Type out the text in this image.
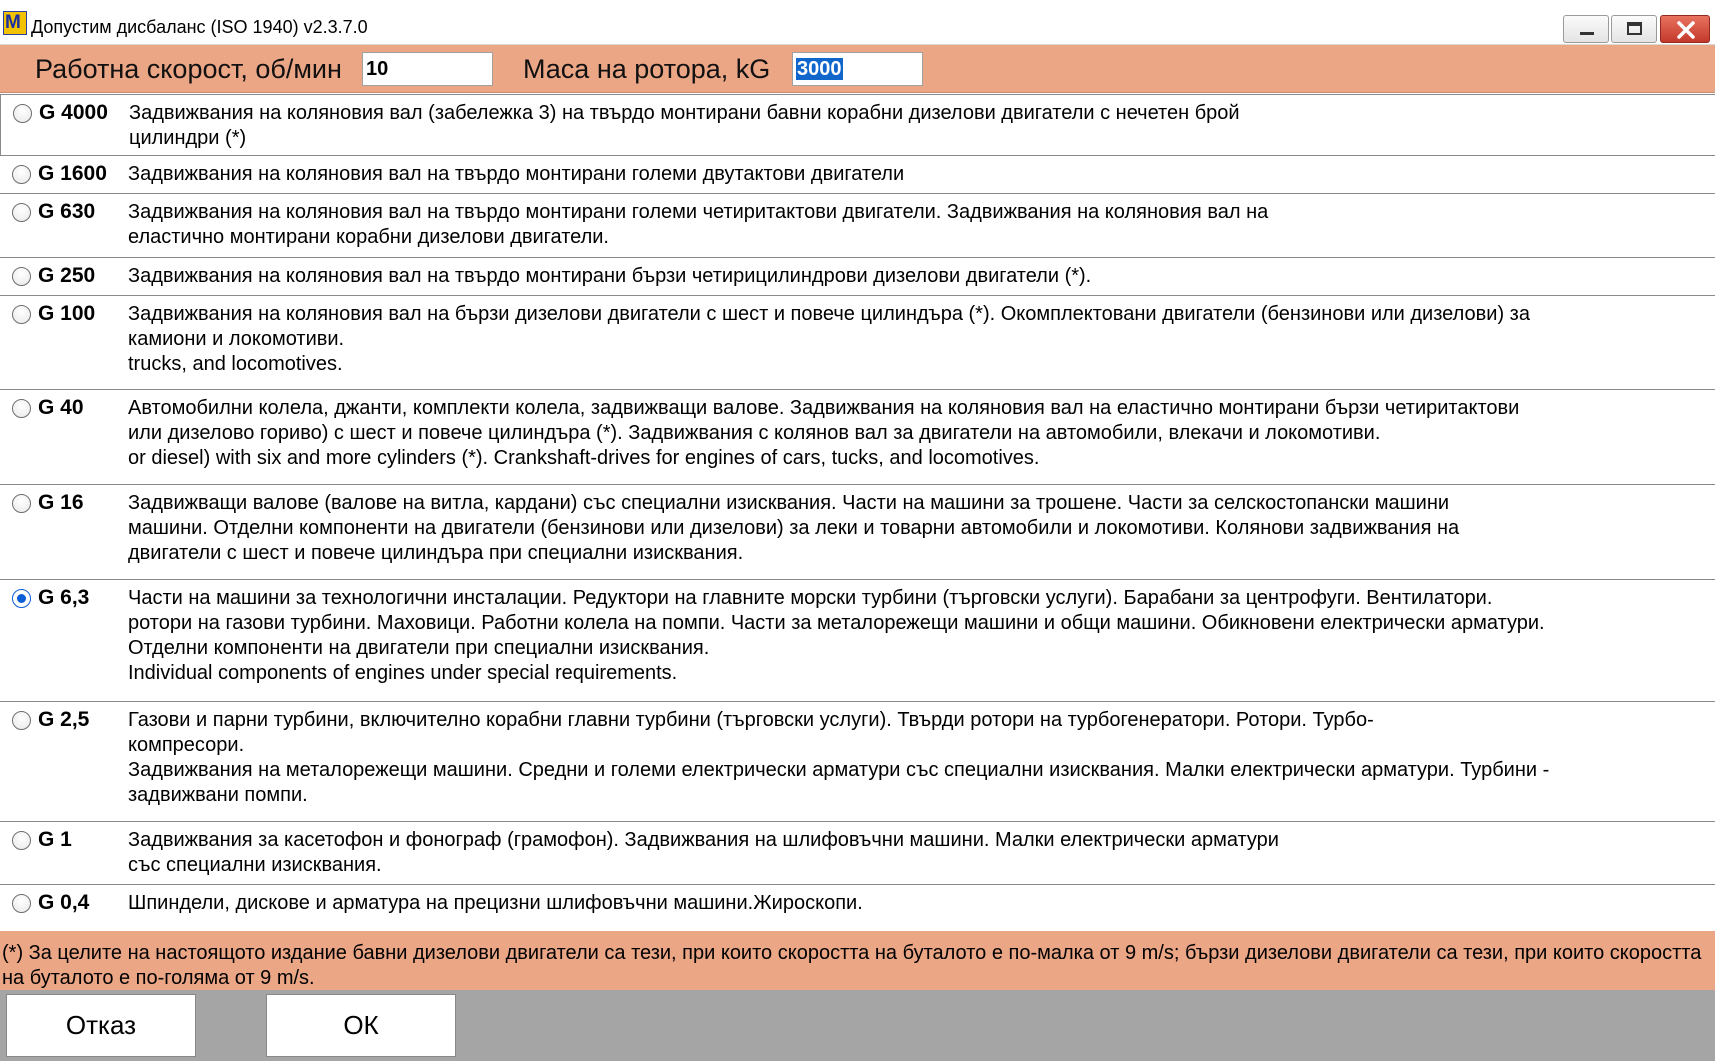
M Допустим дисбаланс (ISO 1940) v2.3.7.0
Работна скорост, об/мин 10	Маса на ротора, kG 3000
G 4000 Задвижвания на коляновия вал (забележка 3) на твърдо монтирани бавни корабни дизелови двигатели с нечетен брой
цилиндри (*)
G 1600 Задвижвания на коляновия вал на твърдо монтирани големи двутактови двигатели
G 630 Задвижвания на коляновия вал на твърдо монтирани големи четиритактови двигатели. Задвижвания на коляновия вал на
еластично монтирани корабни дизелови двигатели.
G 250 Задвижвания на коляновия вал на твърдо монтирани бързи четирицилиндрови дизелови двигатели (*).
G 100 Задвижвания на коляновия вал на бързи дизелови двигатели с шест и повече цилиндъра (*). Окомплектовани двигатели (бензинови или дизелови) за
камиони и локомотиви.
trucks, and locomotives.
G 40 Автомобилни колела, джанти, комплекти колела, задвижващи валове. Задвижвания на коляновия вал на еластично монтирани бързи четиритактови
или дизелово гориво) с шест и повече цилиндъра (*). Задвижвания с колянов вал за двигатели на автомобили, влекачи и локомотиви.
or diesel) with six and more cylinders (*). Crankshaft-drives for engines of cars, tucks, and locomotives.
G 16 Задвижващи валове (валове на витла, кардани) със специални изисквания. Части на машини за трошене. Части за селскостопански машини
машини. Отделни компоненти на двигатели (бензинови или дизелови) за леки и товарни автомобили и локомотиви. Колянови задвижвания на
двигатели с шест и повече цилиндъра при специални изисквания.
G 6,3 Части на машини за технологични инсталации. Редуктори на главните морски турбини (търговски услуги). Барабани за центрофуги. Вентилатори.
ротори на газови турбини. Маховици. Работни колела на помпи. Части за металорежещи машини и общи машини. Обикновени електрически арматури.
Отделни компоненти на двигатели при специални изисквания.
Individual components of engines under special requirements.
G 2,5 Газови и парни турбини, включително корабни главни турбини (търговски услуги). Твърди ротори на турбогенератори. Ротори. Турбо-
компресори.
Задвижвания на металорежещи машини. Средни и големи електрически арматури със специални изисквания. Малки електрически арматури. Турбини -
задвижвани помпи.
G 1	Задвижвания за касетофон и фонограф (грамофон). Задвижвания на шлифовъчни машини. Малки електрически арматури
със специални изисквания.
G 0,4 Шпиндели, дискове и арматура на прецизни шлифовъчни машини.Жироскопи.
(*) За целите на настоящото издание бавни дизелови двигатели са тези, при които скоростта на буталото е по-малка от 9 m/s; бързи дизелови двигатели са тези, при които скоростта на буталото е по-голяма от 9 m/s.
Отказ	ОК
